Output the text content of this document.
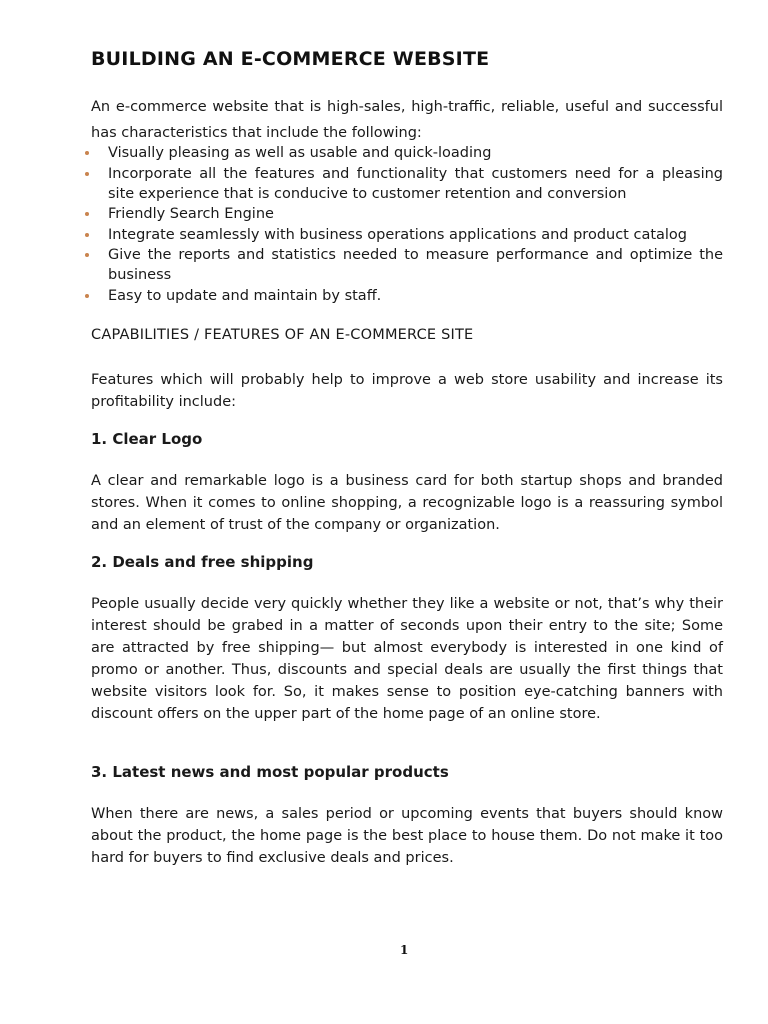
BUILDING AN E-COMMERCE WEBSITE

An e-commerce website that is high-sales, high-traffic, reliable, useful and successful has characteristics that include the following:

Visually pleasing as well as usable and quick-loading
Incorporate all the features and functionality that customers need for a pleasing site experience that is conducive to customer retention and conversion
Friendly Search Engine
Integrate seamlessly with business operations applications and product catalog
Give the reports and statistics needed to measure performance and optimize the business
Easy to update and maintain by staff.
CAPABILITIES / FEATURES OF AN E-COMMERCE SITE

Features which will probably help to improve a web store usability and increase its profitability include:

1. Clear Logo

A clear and remarkable logo is a business card for both startup shops and branded stores. When it comes to online shopping, a recognizable logo is a reassuring symbol and an element of trust of the company or organization.

2. Deals and free shipping

People usually decide very quickly whether they like a website or not, that’s why their interest should be grabed in a matter of seconds upon their entry to the site; Some are attracted by free shipping— but almost everybody is interested in one kind of promo or another. Thus, discounts and special deals are usually the first things that website visitors look for. So, it makes sense to position eye-catching banners with discount offers on the upper part of the home page of an online store.

3. Latest news and most popular products

When there are news, a sales period or upcoming events that buyers should know about the product, the home page is the best place to house them. Do not make it too hard for buyers to find exclusive deals and prices.

1
